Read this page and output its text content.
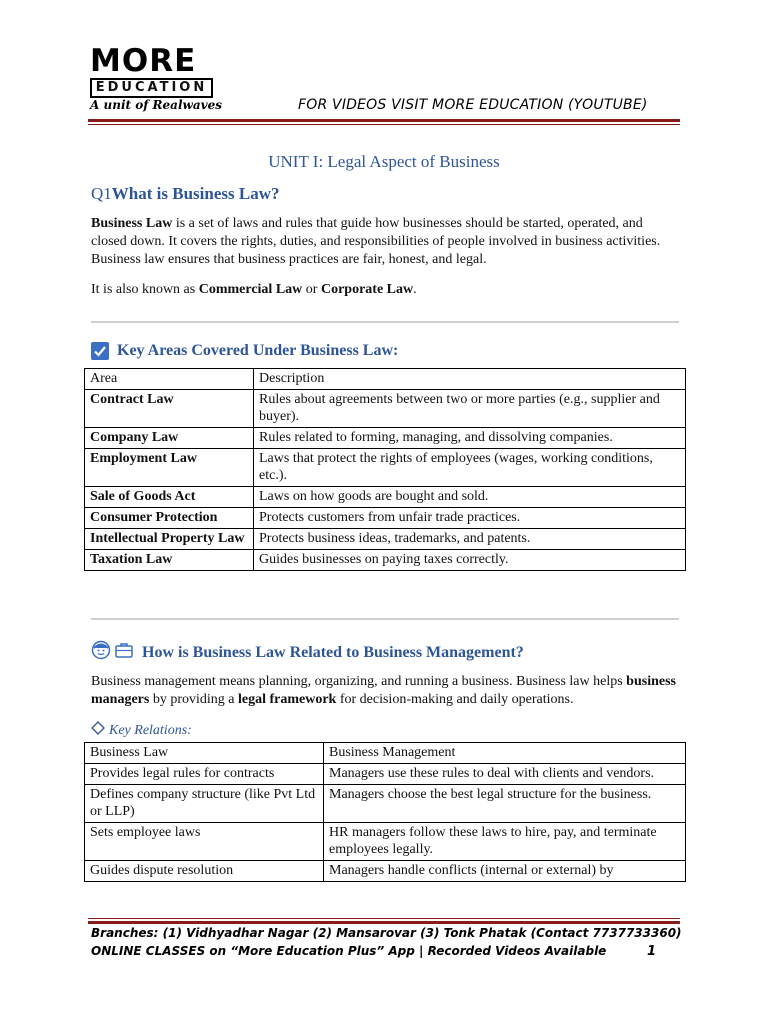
MORE
EDUCATION
A unit of Realwaves	FOR VIDEOS VISIT MORE EDUCATION (YOUTUBE)
UNIT I: Legal Aspect of Business
Q1What is Business Law?
Business Law is a set of laws and rules that guide how businesses should be started, operated, and closed down. It covers the rights, duties, and responsibilities of people involved in business activities. Business law ensures that business practices are fair, honest, and legal.
It is also known as Commercial Law or Corporate Law.
Key Areas Covered Under Business Law:
Area	Description
Contract Law	Rules about agreements between two or more parties (e.g., supplier and buyer).
Company Law	Rules related to forming, managing, and dissolving companies.
Employment Law	Laws that protect the rights of employees (wages, working conditions, etc.).
Sale of Goods Act	Laws on how goods are bought and sold.
Consumer Protection	Protects customers from unfair trade practices.
Intellectual Property Law	Protects business ideas, trademarks, and patents.
Taxation Law	Guides businesses on paying taxes correctly.
How is Business Law Related to Business Management?
Business management means planning, organizing, and running a business. Business law helps business managers by providing a legal framework for decision-making and daily operations.
Key Relations:
Business Law	Business Management
Provides legal rules for contracts	Managers use these rules to deal with clients and vendors.
Defines company structure (like Pvt Ltd or LLP)	Managers choose the best legal structure for the business.
Sets employee laws	HR managers follow these laws to hire, pay, and terminate employees legally.
Guides dispute resolution	Managers handle conflicts (internal or external) by
Branches: (1) Vidhyadhar Nagar (2) Mansarovar (3) Tonk Phatak (Contact 7737733360)
ONLINE CLASSES on “More Education Plus” App | Recorded Videos Available	1
